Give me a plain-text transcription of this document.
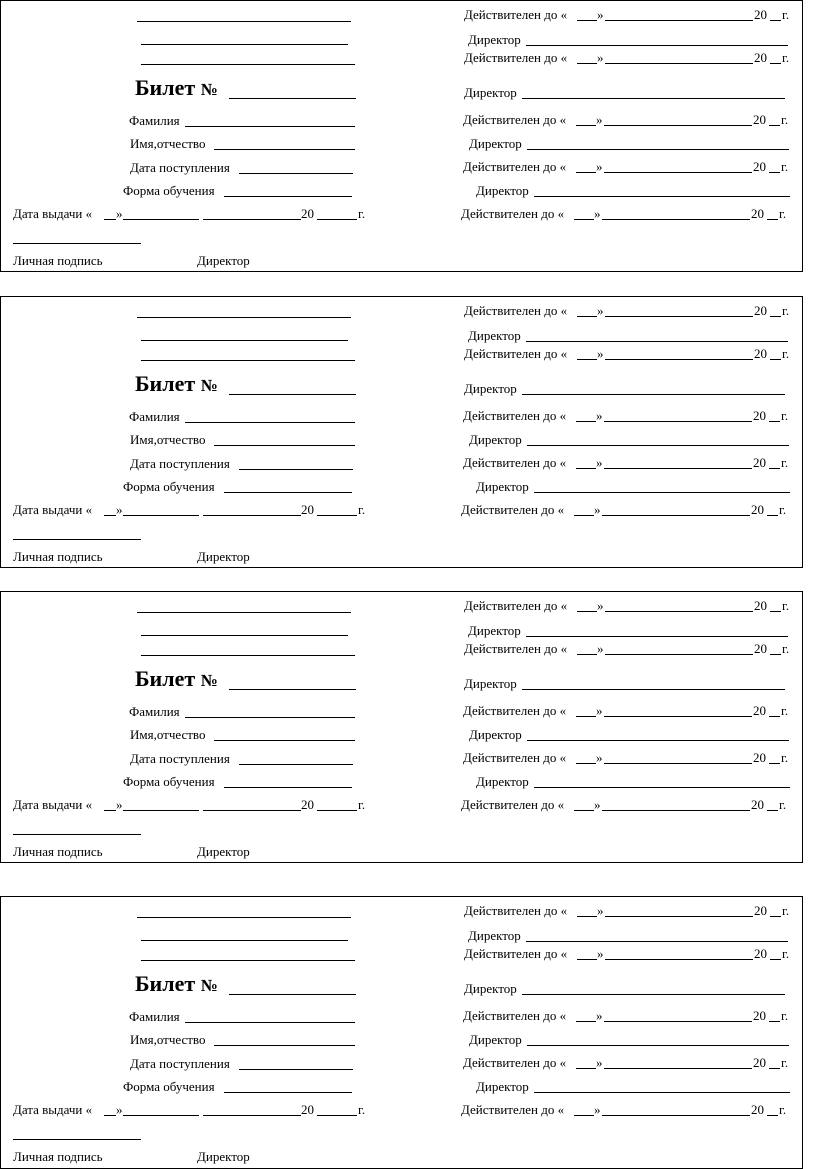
Билет №
Фамилия
Имя,отчество
Дата поступления
Форма обучения
Дата выдачи « »	20	г.
Личная подпись	Директор
Действителен до « »	20 г.
Действителен до « »	20 г.
Действителен до « »	20 г.
Действителен до « »	20 г.
Действителен до « »	20 г.
Директор
Директор
Директор
Директор
Билет №
Фамилия
Имя,отчество
Дата поступления
Форма обучения
Дата выдачи « »	20	г.
Личная подпись	Директор
Действителен до « »	20 г.
Действителен до « »	20 г.
Действителен до « »	20 г.
Действителен до « »	20 г.
Действителен до « »	20 г.
Директор
Директор
Директор
Директор
Билет №
Фамилия
Имя,отчество
Дата поступления
Форма обучения
Дата выдачи « »	20	г.
Личная подпись	Директор
Действителен до « »	20 г.
Действителен до « »	20 г.
Действителен до « »	20 г.
Действителен до « »	20 г.
Действителен до « »	20 г.
Директор
Директор
Директор
Директор
Билет №
Фамилия
Имя,отчество
Дата поступления
Форма обучения
Дата выдачи « »	20	г.
Личная подпись	Директор
Действителен до « »	20 г.
Действителен до « »	20 г.
Действителен до « »	20 г.
Действителен до « »	20 г.
Действителен до « »	20 г.
Директор
Директор
Директор
Директор
